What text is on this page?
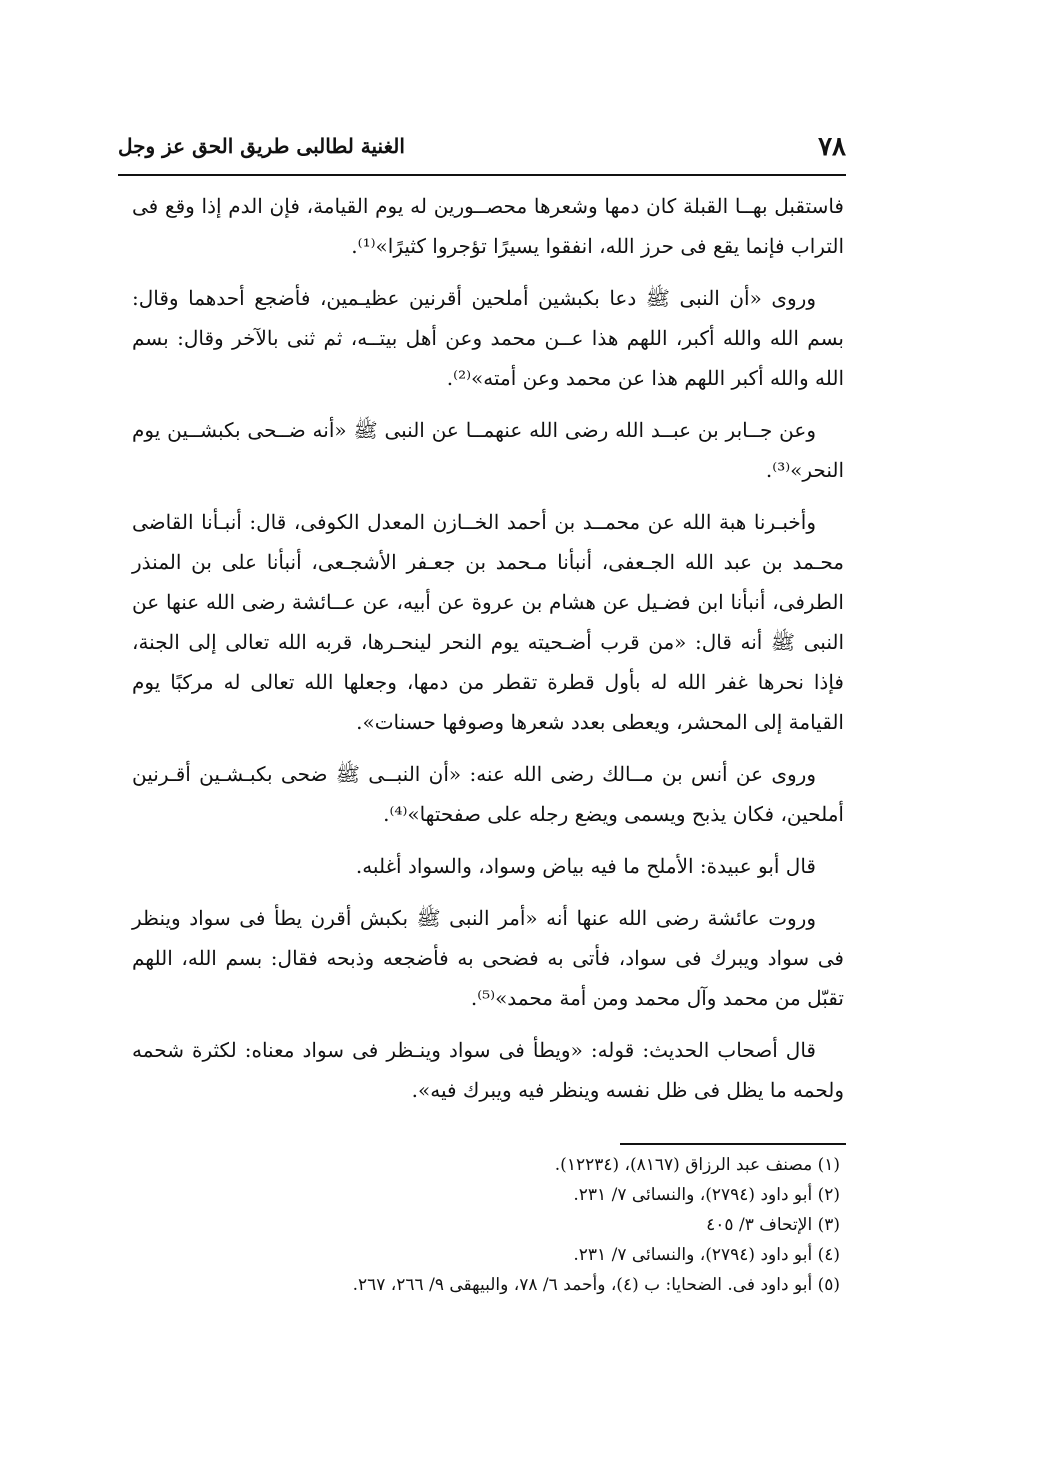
٧٨
الغنية لطالبى طريق الحق عز وجل

فاستقبل بهــا القبلة كان دمها وشعرها محصــورين له يوم القيامة، فإن الدم إذا وقع فى التراب فإنما يقع فى حرز الله، انفقوا يسيرًا تؤجروا كثيرًا»⁽¹⁾.

وروى «أن النبى ﷺ دعا بكبشين أملحين أقرنين عظيـمين، فأضجع أحدهما وقال: بسم الله والله أكبر، اللهم هذا عــن محمد وعن أهل بيتــه، ثم ثنى بالآخر وقال: بسم الله والله أكبر اللهم هذا عن محمد وعن أمته»⁽²⁾.

وعن جــابر بن عبــد الله رضى الله عنهمــا عن النبى ﷺ «أنه ضــحى بكبشــين يوم النحر»⁽³⁾.

وأخبـرنا هبة الله عن محمــد بن أحمد الخــازن المعدل الكوفى، قال: أنبـأنا القاضى محـمد بن عبد الله الجـعفى، أنبأنا مـحمد بن جعـفر الأشجـعى، أنبأنا على بن المنذر الطرفى، أنبأنا ابن فضـيل عن هشام بن عروة عن أبيه، عن عــائشة رضى الله عنها عن النبى ﷺ أنه قال: «من قرب أضـحيته يوم النحر لينحـرها، قربه الله تعالى إلى الجنة، فإذا نحرها غفر الله له بأول قطرة تقطر من دمها، وجعلها الله تعالى له مركبًا يوم القيامة إلى المحشر، ويعطى بعدد شعرها وصوفها حسنات».

وروى عن أنس بن مــالك رضى الله عنه: «أن النبــى ﷺ ضحى بكبـشـين أقـرنين أملحين، فكان يذبح ويسمى ويضع رجله على صفحتها»⁽⁴⁾.

قال أبو عبيدة: الأملح ما فيه بياض وسواد، والسواد أغلبه.

وروت عائشة رضى الله عنها أنه «أمر النبى ﷺ بكبش أقرن يطأ فى سواد وينظر فى سواد ويبرك فى سواد، فأتى به فضحى به فأضجعه وذبحه فقال: بسم الله، اللهم تقبّل من محمد وآل محمد ومن أمة محمد»⁽⁵⁾.

قال أصحاب الحديث: قوله: «ويطأ فى سواد وينـظر فى سواد معناه: لكثرة شحمه ولحمه ما يظل فى ظل نفسه وينظر فيه ويبرك فيه».

(١) مصنف عبد الرزاق (٨١٦٧)، (١٢٢٣٤).

(٢) أبو داود (٢٧٩٤)، والنسائى ٧/ ٢٣١.

(٣) الإتحاف ٣/ ٤٠٥

(٤) أبو داود (٢٧٩٤)، والنسائى ٧/ ٢٣١.

(٥) أبو داود فى. الضحايا: ب (٤)، وأحمد ٦/ ٧٨، والبيهقى ٩/ ٢٦٦، ٢٦٧.
